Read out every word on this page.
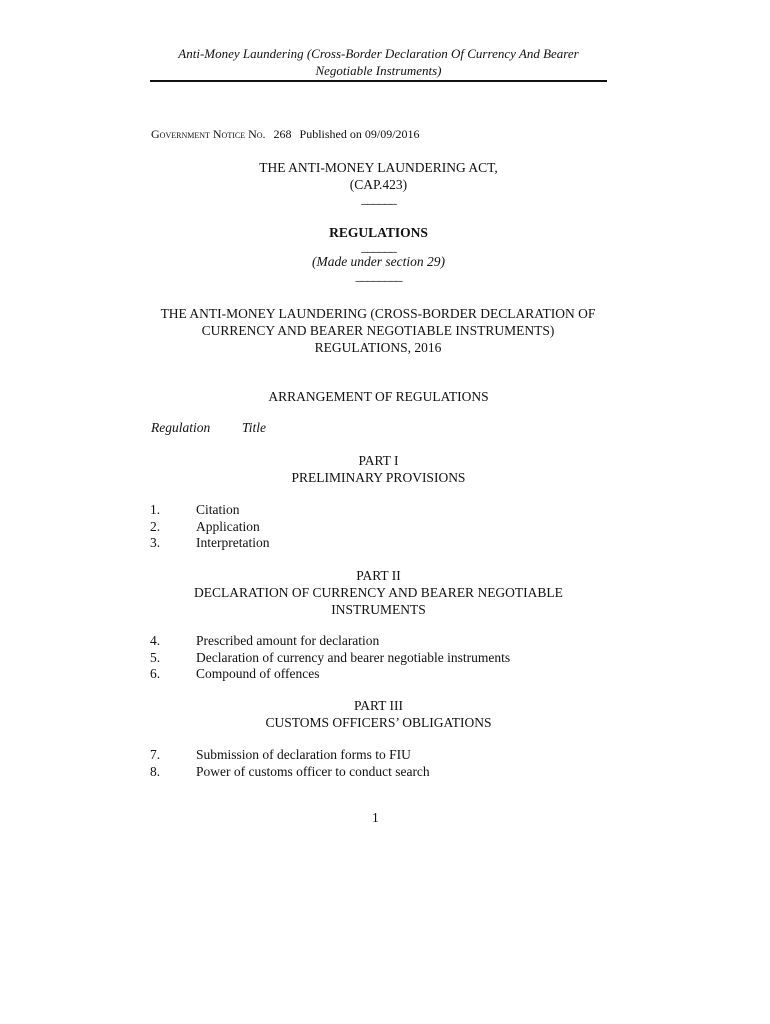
Anti-Money Laundering (Cross-Border Declaration Of Currency And Bearer
Negotiable Instruments)
Government Notice No. 268 Published on 09/09/2016
THE ANTI-MONEY LAUNDERING ACT,
(CAP.423)
______
REGULATIONS
______
(Made under section 29)
________
THE ANTI-MONEY LAUNDERING (CROSS-BORDER DECLARATION OF
CURRENCY AND BEARER NEGOTIABLE INSTRUMENTS)
REGULATIONS, 2016
ARRANGEMENT OF REGULATIONS
Regulation Title
PART I
PRELIMINARY PROVISIONS
1.	Citation
2.	Application
3.	Interpretation
PART II
DECLARATION OF CURRENCY AND BEARER NEGOTIABLE
INSTRUMENTS
4.	Prescribed amount for declaration
5.	Declaration of currency and bearer negotiable instruments
6.	Compound of offences
PART III
CUSTOMS OFFICERS’ OBLIGATIONS
7.	Submission of declaration forms to FIU
8.	Power of customs officer to conduct search
1
